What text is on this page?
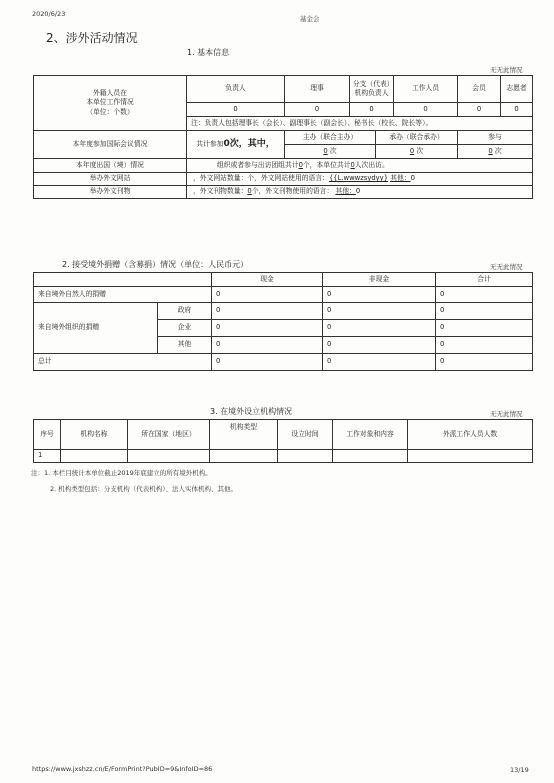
2020/6/23
基金会
2、涉外活动情况
1. 基本信息
无无此情况
外籍人员在
本单位工作情况
（单位：个数）	负责人	理事	分支（代表）机构负责人		工作人员	会员	志愿者
	0	0	0		0	0	0
	注：负责人包括理事长（会长）、副理事长（副会长）、秘书长（校长、院长等）。						
本年度参加国际会议情况	共计参加0次，其中，	主办（联合主办）		承办（联合承办）		参与	
		0 次		0 次		0 次	
本年度出国（境）情况	组织或者参与出访团组共计0个，本单位共计0人次出访。						
举办外文网站	，外文网站数量：个，外文网站使用的语言：{{L.wwwzsydyy} 其他：0						
举办外文刊物	，外文刊物数量：0个，外文刊物使用的语言： 其他：0						
2. 接受境外捐赠（含募捐）情况（单位：人民币元）	无无此情况
		现金	非现金	合计
来自境外自然人的捐赠		0	0	0
来自境外组织的捐赠	政府	0	0	0
	企业	0	0	0
	其他	0	0	0
总计		0	0	0
3. 在境外设立机构情况	无无此情况
序号	机构名称	所在国家（地区）	机构类型	设立时间	工作对象和内容	外派工作人员人数
1						
注：1. 本栏目统计本单位截止2019年底建立的所有境外机构。
2. 机构类型包括：分支机构（代表机构）、法人实体机构、其他。
https://www.jxshzz.cn/E/FormPrint?PubID=9&InfoID=86	13/19
